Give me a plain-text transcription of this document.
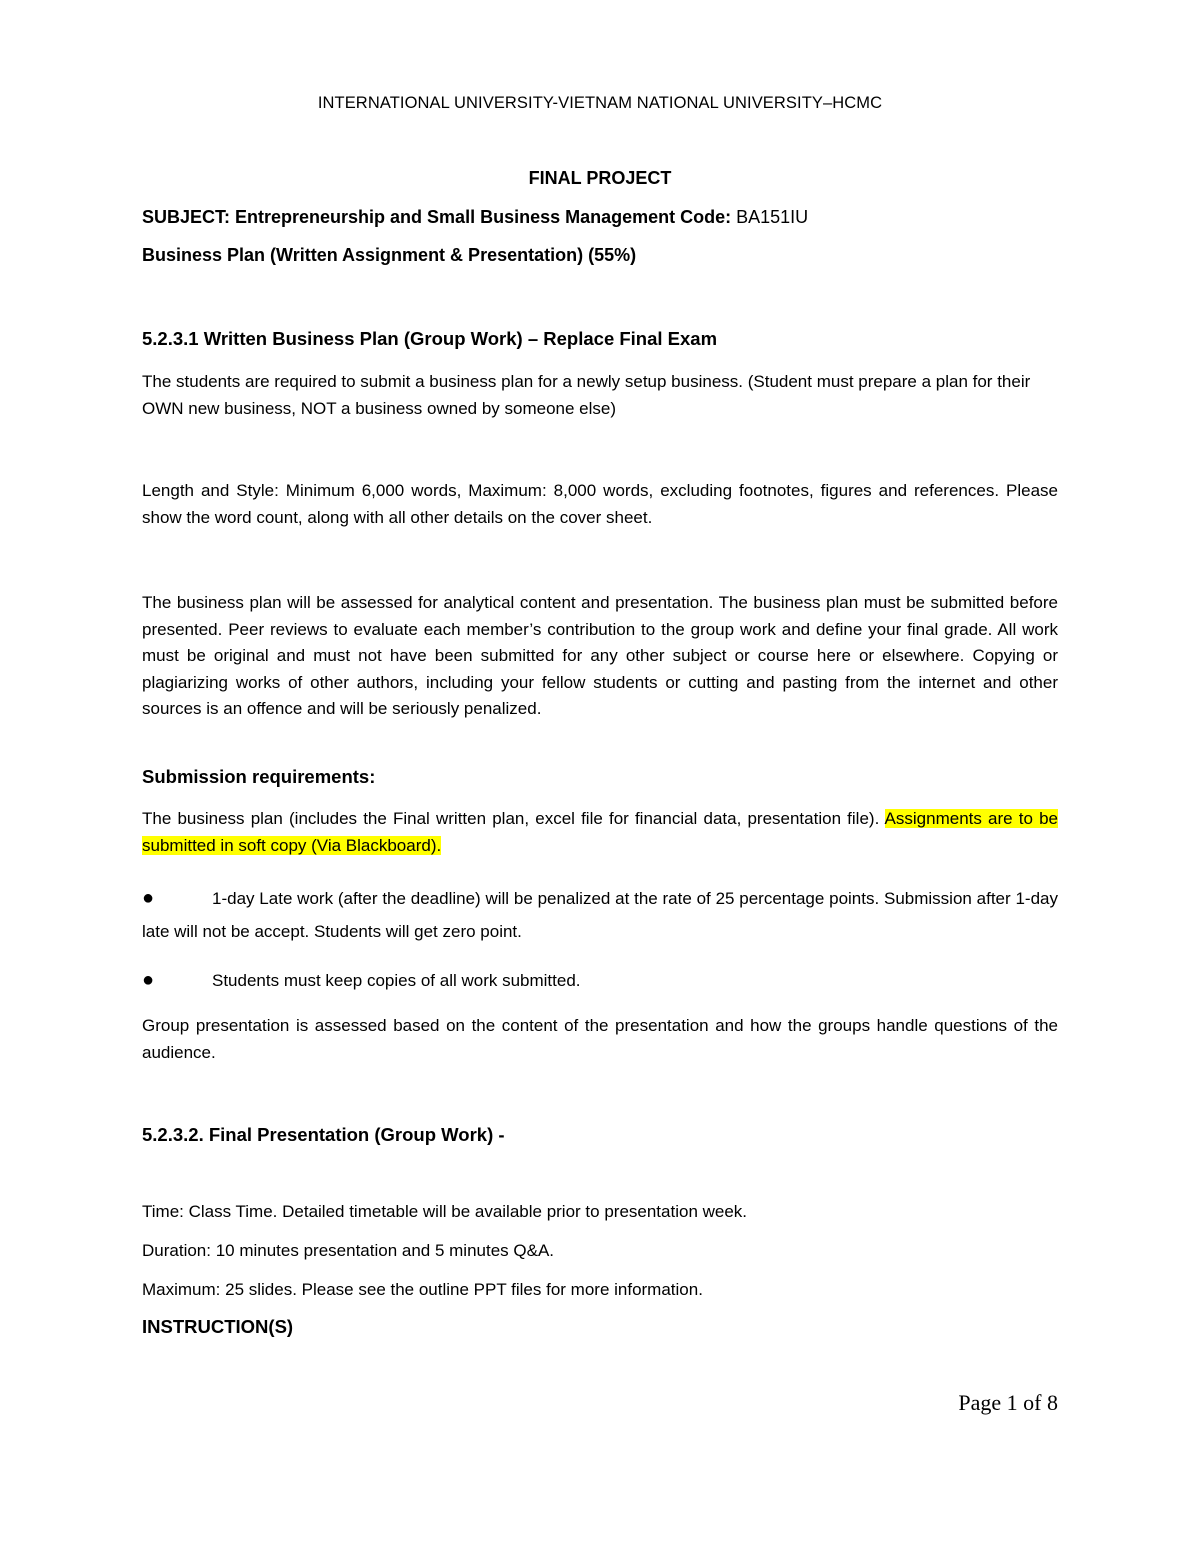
INTERNATIONAL UNIVERSITY-VIETNAM NATIONAL UNIVERSITY–HCMC

FINAL PROJECT

SUBJECT: Entrepreneurship and Small Business Management Code: BA151IU

Business Plan (Written Assignment & Presentation) (55%)

5.2.3.1 Written Business Plan (Group Work) – Replace Final Exam

The students are required to submit a business plan for a newly setup business. (Student must prepare a plan for their OWN new business, NOT a business owned by someone else)

Length and Style: Minimum 6,000 words, Maximum: 8,000 words, excluding footnotes, figures and references. Please show the word count, along with all other details on the cover sheet.

The business plan will be assessed for analytical content and presentation. The business plan must be submitted before presented. Peer reviews to evaluate each member’s contribution to the group work and define your final grade. All work must be original and must not have been submitted for any other subject or course here or elsewhere. Copying or plagiarizing works of other authors, including your fellow students or cutting and pasting from the internet and other sources is an offence and will be seriously penalized.

Submission requirements:

The business plan (includes the Final written plan, excel file for financial data, presentation file). Assignments are to be submitted in soft copy (Via Blackboard).

●	1-day Late work (after the deadline) will be penalized at the rate of 25 percentage points. Submission after 1-day late will not be accept. Students will get zero point.
●	Students must keep copies of all work submitted.

Group presentation is assessed based on the content of the presentation and how the groups handle questions of the audience.

5.2.3.2. Final Presentation (Group Work) -

Time: Class Time. Detailed timetable will be available prior to presentation week.

Duration: 10 minutes presentation and 5 minutes Q&A.

Maximum: 25 slides. Please see the outline PPT files for more information.

INSTRUCTION(S)

Page 1 of 8
